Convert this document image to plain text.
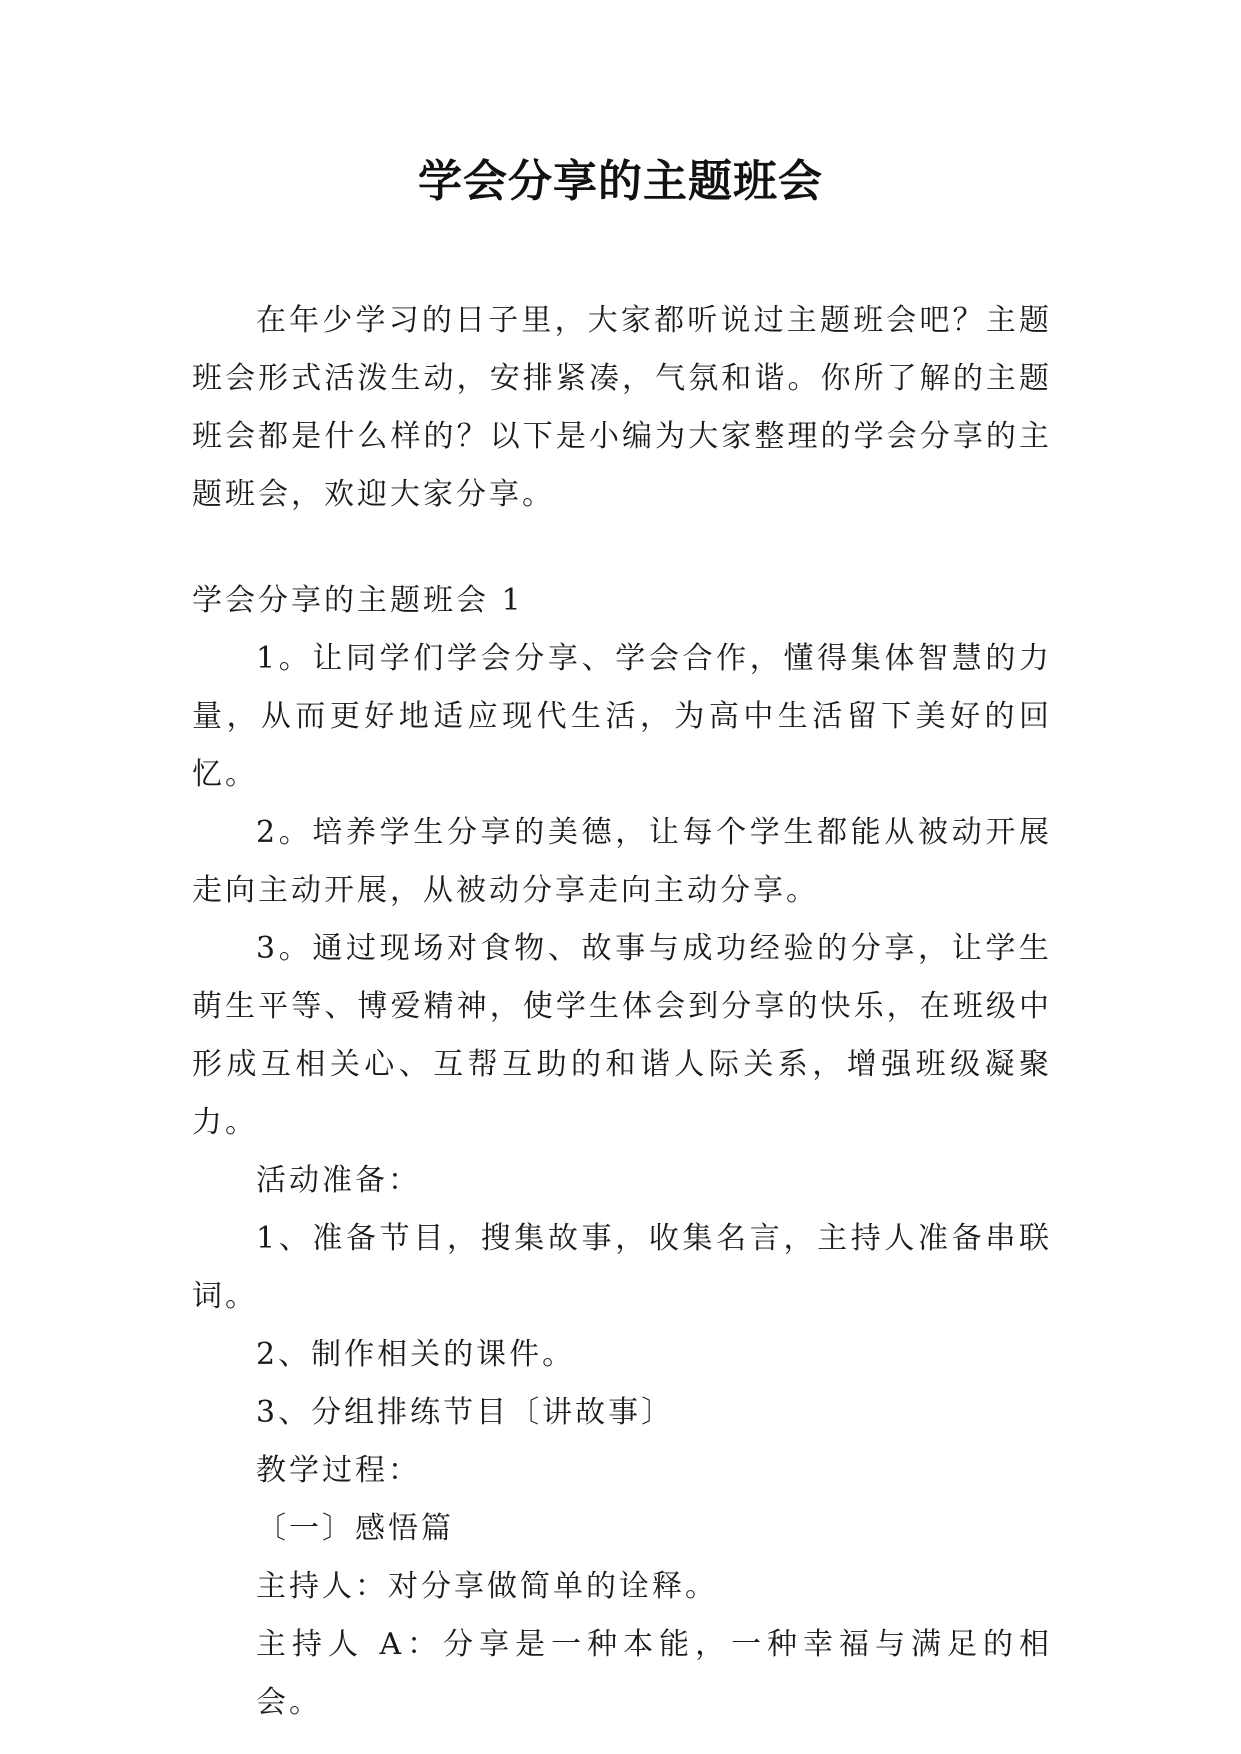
学会分享的主题班会

在年少学习的日子里，大家都听说过主题班会吧？主题班会形式活泼生动，安排紧凑，气氛和谐。你所了解的主题班会都是什么样的？以下是小编为大家整理的学会分享的主题班会，欢迎大家分享。

学会分享的主题班会 1

1。让同学们学会分享、学会合作，懂得集体智慧的力量，从而更好地适应现代生活，为高中生活留下美好的回忆。

2。培养学生分享的美德，让每个学生都能从被动开展走向主动开展，从被动分享走向主动分享。

3。通过现场对食物、故事与成功经验的分享，让学生萌生平等、博爱精神，使学生体会到分享的快乐，在班级中形成互相关心、互帮互助的和谐人际关系，增强班级凝聚力。

活动准备：

1、准备节目，搜集故事，收集名言，主持人准备串联词。

2、制作相关的课件。

3、分组排练节目〔讲故事〕

教学过程：

〔一〕感悟篇

主持人：对分享做简单的诠释。

主持人 A：分享是一种本能，一种幸福与满足的相会。
